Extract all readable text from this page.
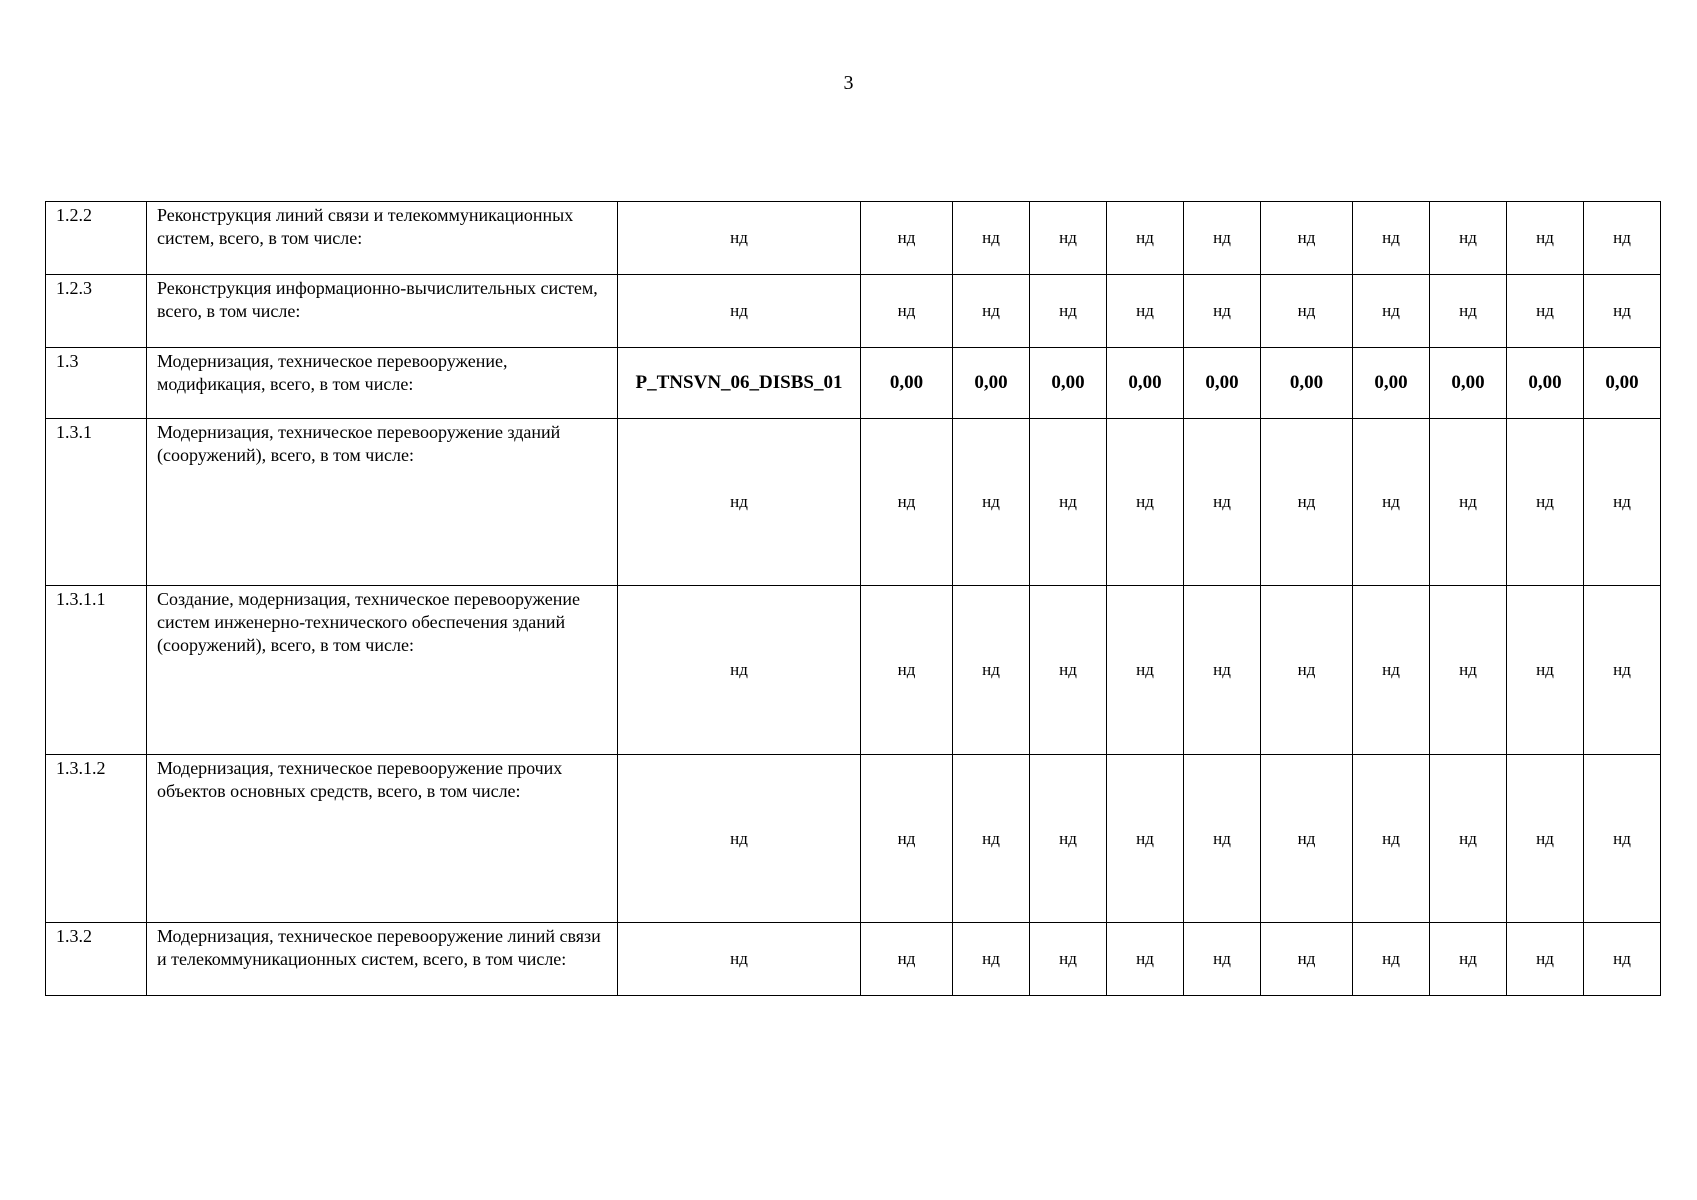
3
1.2.2	Реконструкция линий связи и телекоммуникационных систем, всего, в том числе:	нд	нд	нд	нд	нд	нд	нд	нд	нд	нд	нд
1.2.3	Реконструкция информационно-вычислительных систем, всего, в том числе:	нд	нд	нд	нд	нд	нд	нд	нд	нд	нд	нд
1.3	Модернизация, техническое перевооружение, модификация, всего, в том числе:	P_TNSVN_06_DISBS_01	0,00	0,00	0,00	0,00	0,00	0,00	0,00	0,00	0,00	0,00
1.3.1	Модернизация, техническое перевооружение зданий (сооружений), всего, в том числе:	нд	нд	нд	нд	нд	нд	нд	нд	нд	нд	нд
1.3.1.1	Создание, модернизация, техническое перевооружение систем инженерно-технического обеспечения зданий (сооружений), всего, в том числе:	нд	нд	нд	нд	нд	нд	нд	нд	нд	нд	нд
1.3.1.2	Модернизация, техническое перевооружение прочих объектов основных средств, всего, в том числе:	нд	нд	нд	нд	нд	нд	нд	нд	нд	нд	нд
1.3.2	Модернизация, техническое перевооружение линий связи и телекоммуникационных систем, всего, в том числе:	нд	нд	нд	нд	нд	нд	нд	нд	нд	нд	нд
